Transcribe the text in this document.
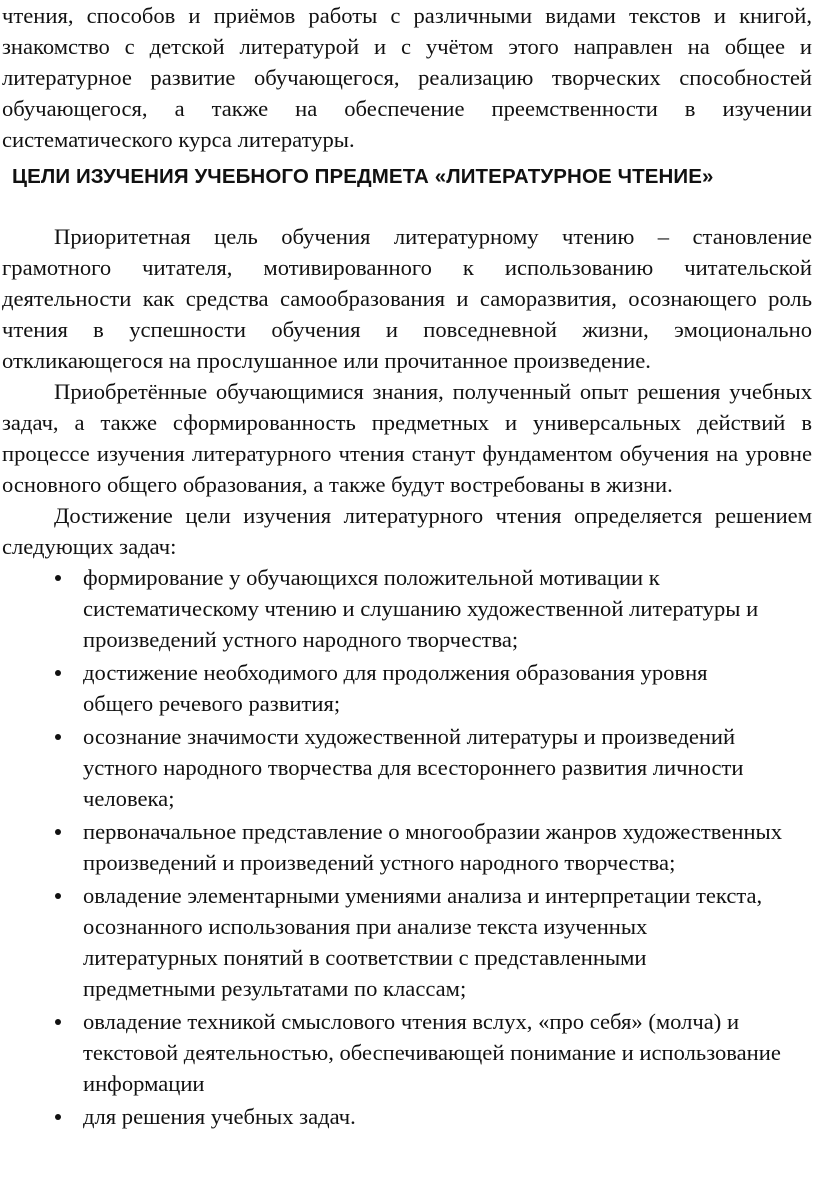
чтения, способов и приёмов работы с различными видами текстов и книгой, знакомство с детской литературой и с учётом этого направлен на общее и литературное развитие обучающегося, реализацию творческих способностей обучающегося, а также на обеспечение преемственности в изучении систематического курса литературы.

ЦЕЛИ ИЗУЧЕНИЯ УЧЕБНОГО ПРЕДМЕТА «ЛИТЕРАТУРНОЕ ЧТЕНИЕ»

Приоритетная цель обучения литературному чтению – становление грамотного читателя, мотивированного к использованию читательской деятельности как средства самообразования и саморазвития, осознающего роль чтения в успешности обучения и повседневной жизни, эмоционально откликающегося на прослушанное или прочитанное произведение.

Приобретённые обучающимися знания, полученный опыт решения учебных задач, а также сформированность предметных и универсальных действий в процессе изучения литературного чтения станут фундаментом обучения на уровне основного общего образования, а также будут востребованы в жизни.

Достижение цели изучения литературного чтения определяется решением следующих задач:

формирование у обучающихся положительной мотивации к систематическому чтению и слушанию художественной литературы и произведений устного народного творчества;
достижение необходимого для продолжения образования уровня общего речевого развития;
осознание значимости художественной литературы и произведений устного народного творчества для всестороннего развития личности человека;
первоначальное представление о многообразии жанров художественных произведений и произведений устного народного творчества;
овладение элементарными умениями анализа и интерпретации текста, осознанного использования при анализе текста изученных литературных понятий в соответствии с представленными предметными результатами по классам;
овладение техникой смыслового чтения вслух, «про себя» (молча) и текстовой деятельностью, обеспечивающей понимание и использование информации
для решения учебных задач.
